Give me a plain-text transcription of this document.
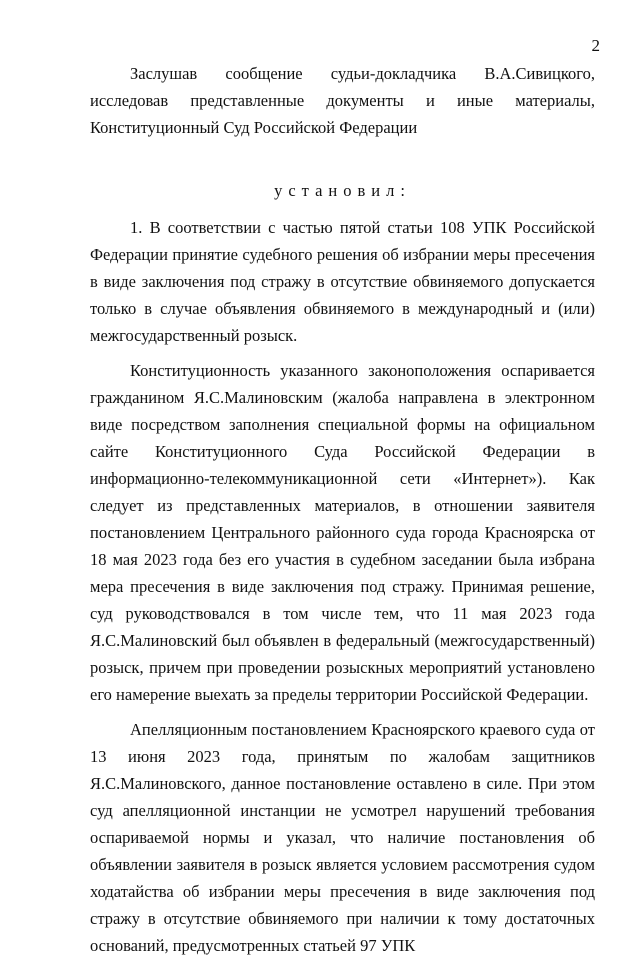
2

Заслушав сообщение судьи-докладчика В.А.Сивицкого, исследовав представленные документы и иные материалы, Конституционный Суд Российской Федерации

установил:

1. В соответствии с частью пятой статьи 108 УПК Российской Федерации принятие судебного решения об избрании меры пресечения в виде заключения под стражу в отсутствие обвиняемого допускается только в случае объявления обвиняемого в международный и (или) межгосударственный розыск.

Конституционность указанного законоположения оспаривается гражданином Я.С.Малиновским (жалоба направлена в электронном виде посредством заполнения специальной формы на официальном сайте Конституционного Суда Российской Федерации в информационно-телекоммуникационной сети «Интернет»). Как следует из представленных материалов, в отношении заявителя постановлением Центрального районного суда города Красноярска от 18 мая 2023 года без его участия в судебном заседании была избрана мера пресечения в виде заключения под стражу. Принимая решение, суд руководствовался в том числе тем, что 11 мая 2023 года Я.С.Малиновский был объявлен в федеральный (межгосударственный) розыск, причем при проведении розыскных мероприятий установлено его намерение выехать за пределы территории Российской Федерации.

Апелляционным постановлением Красноярского краевого суда от 13 июня 2023 года, принятым по жалобам защитников Я.С.Малиновского, данное постановление оставлено в силе. При этом суд апелляционной инстанции не усмотрел нарушений требования оспариваемой нормы и указал, что наличие постановления об объявлении заявителя в розыск является условием рассмотрения судом ходатайства об избрании меры пресечения в виде заключения под стражу в отсутствие обвиняемого при наличии к тому достаточных оснований, предусмотренных статьей 97 УПК
